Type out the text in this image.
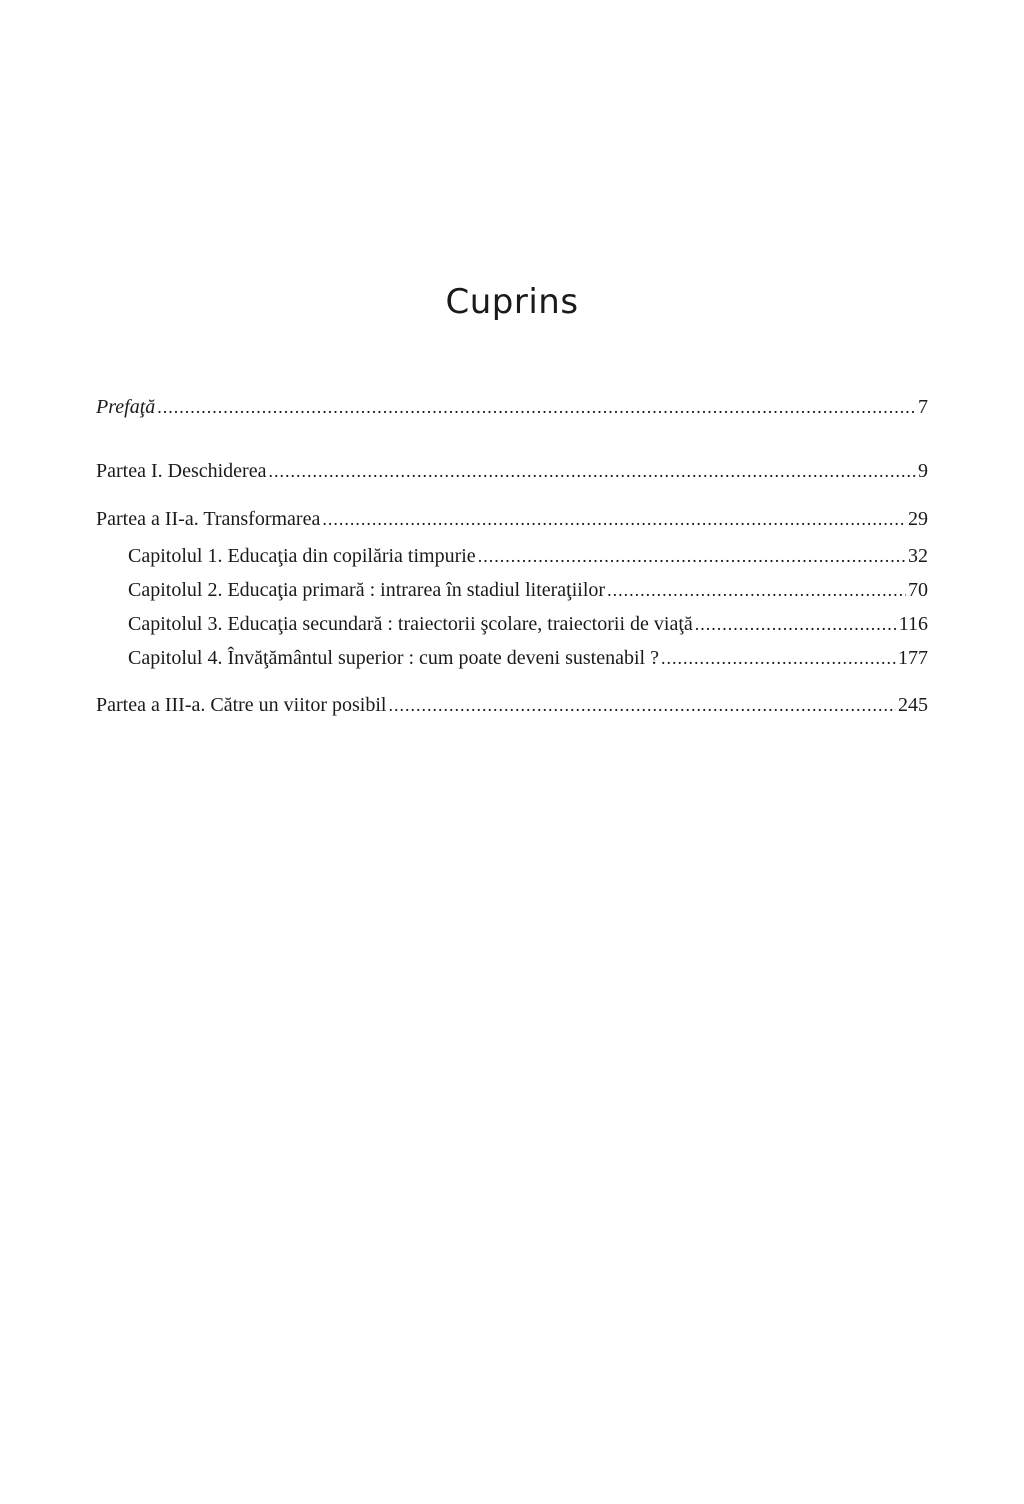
Cuprins
Prefaţă .....	7
Partea I. Deschiderea .....	9
Partea a II-a. Transformarea .....	29
Capitolul 1. Educaţia din copilăria timpurie .....	32
Capitolul 2. Educaţia primară : intrarea în stadiul literaţiilor .....	70
Capitolul 3. Educaţia secundară : traiectorii şcolare, traiectorii de viaţă .....	116
Capitolul 4. Învăţământul superior : cum poate deveni sustenabil ? .....	177
Partea a III-a. Către un viitor posibil .....	245
